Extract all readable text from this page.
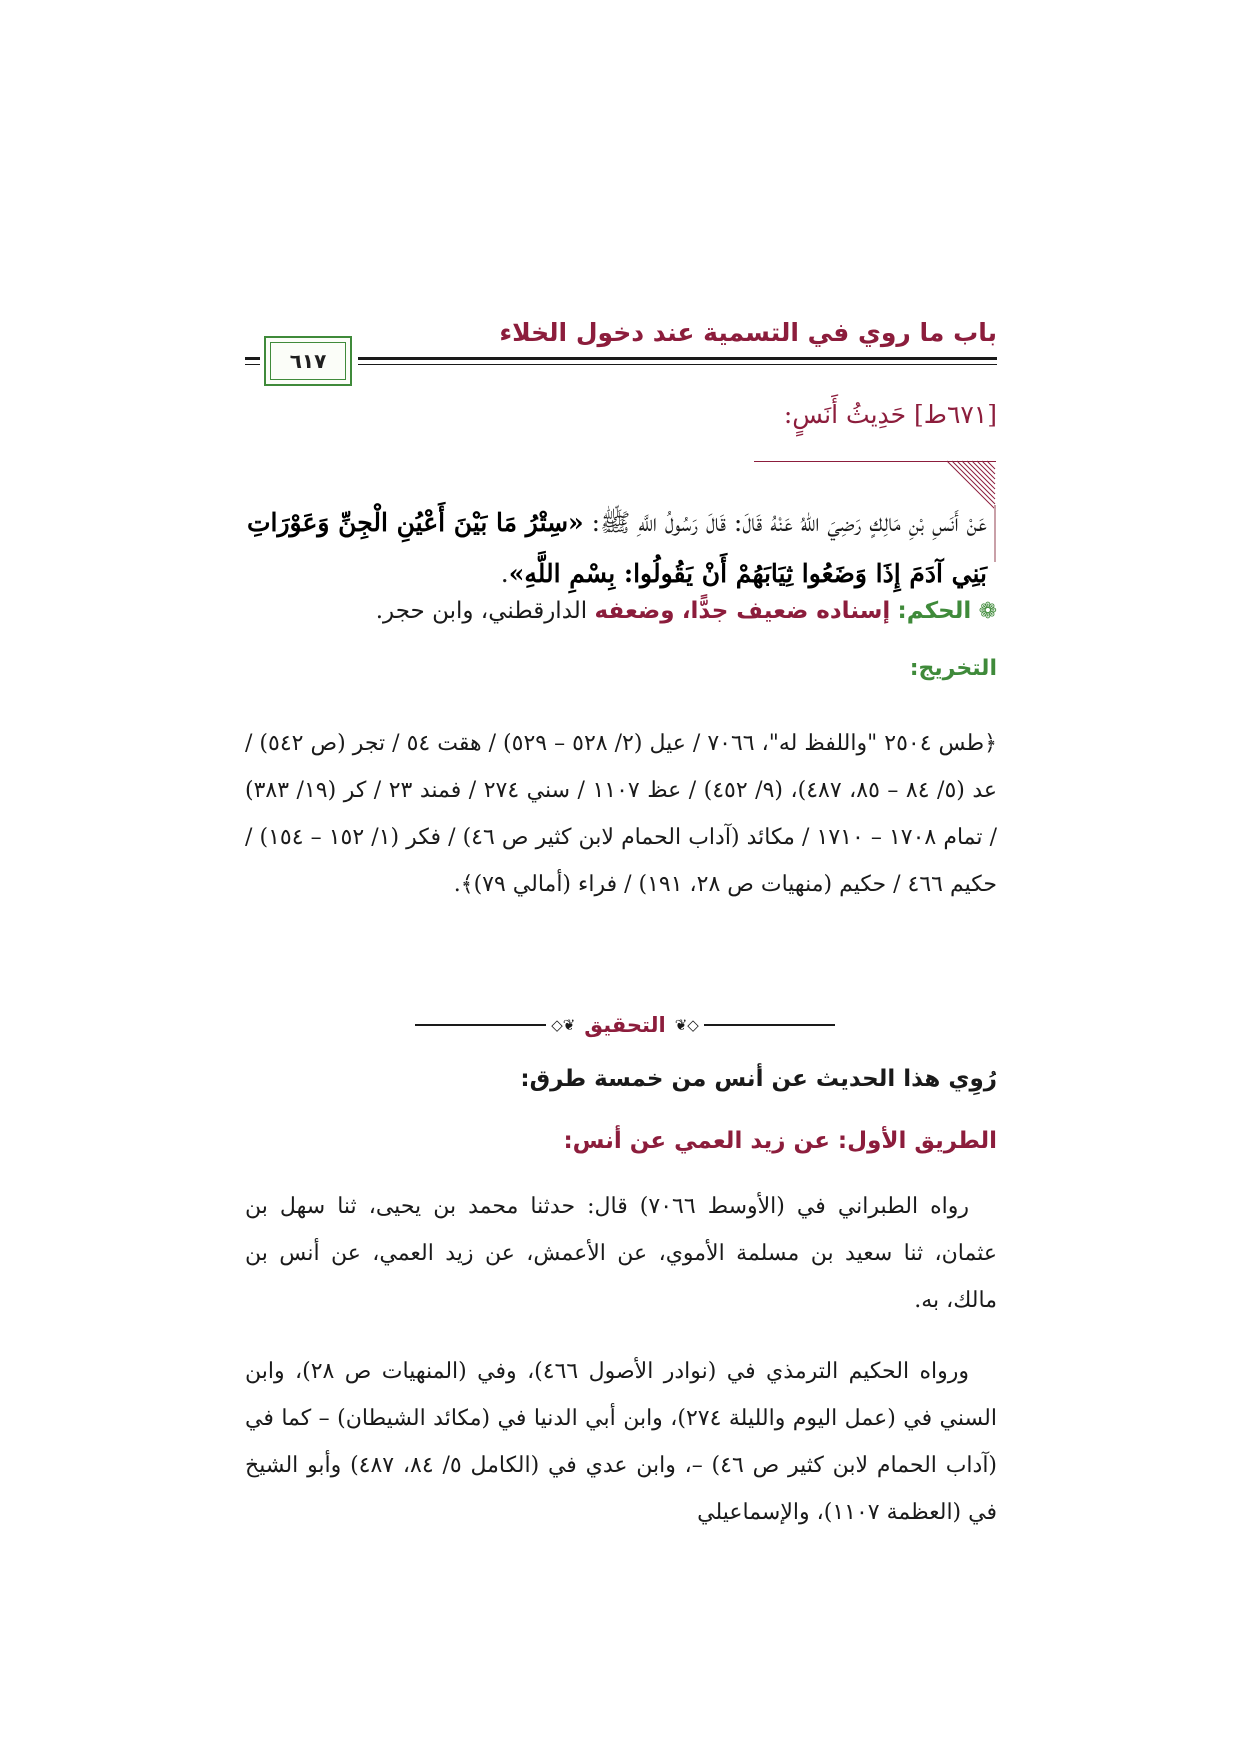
باب ما روي في التسمية عند دخول الخلاء
٦١٧
[٦٧١ط] حَدِيثُ أَنَسٍ:
عَنْ أَنَسِ بْنِ مَالِكٍ رَضِيَ اللهُ عَنْهُ قَالَ: قَالَ رَسُولُ اللَّهِ ﷺ: «سِتْرُ مَا بَيْنَ أَعْيُنِ الْجِنِّ وَعَوْرَاتِ بَنِي آدَمَ إِذَا وَضَعُوا ثِيَابَهُمْ أَنْ يَقُولُوا: بِسْمِ اللَّهِ».
❁ الحكم: إسناده ضعيف جدًّا، وضعفه الدارقطني، وابن حجر.
التخريج:
﴿طس ٢٥٠٤ "واللفظ له"، ٧٠٦٦ / عيل (٢/ ٥٢٨ – ٥٢٩) / هقت ٥٤ / تجر (ص ٥٤٢) / عد (٥/ ٨٤ – ٨٥، ٤٨٧)، (٩/ ٤٥٢) / عظ ١١٠٧ / سني ٢٧٤ / فمند ٢٣ / كر (١٩/ ٣٨٣) / تمام ١٧٠٨ – ١٧١٠ / مكائد (آداب الحمام لابن كثير ص ٤٦) / فكر (١/ ١٥٢ – ١٥٤) / حكيم ٤٦٦ / حكيم (منهيات ص ٢٨، ١٩١) / فراء (أمالي ٧٩)﴾.
◇❦ التحقيق ❦◇
رُوِي هذا الحديث عن أنس من خمسة طرق:
الطريق الأول: عن زيد العمي عن أنس:
رواه الطبراني في (الأوسط ٧٠٦٦) قال: حدثنا محمد بن يحيى، ثنا سهل بن عثمان، ثنا سعيد بن مسلمة الأموي، عن الأعمش، عن زيد العمي، عن أنس بن مالك، به.
ورواه الحكيم الترمذي في (نوادر الأصول ٤٦٦)، وفي (المنهيات ص ٢٨)، وابن السني في (عمل اليوم والليلة ٢٧٤)، وابن أبي الدنيا في (مكائد الشيطان) – كما في (آداب الحمام لابن كثير ص ٤٦) –، وابن عدي في (الكامل ٥/ ٨٤، ٤٨٧) وأبو الشيخ في (العظمة ١١٠٧)، والإسماعيلي
